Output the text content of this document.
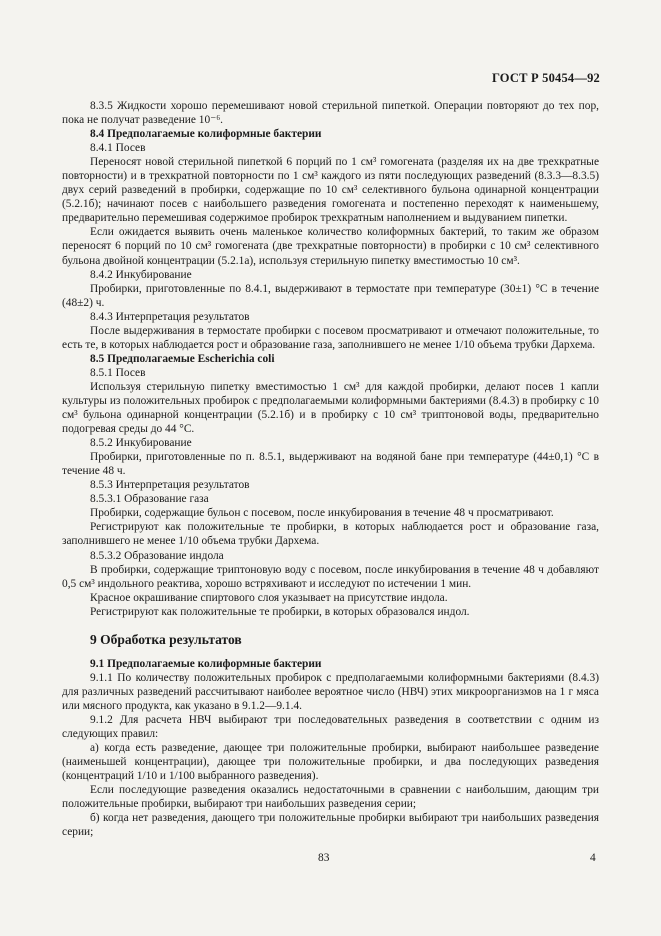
ГОСТ Р 50454—92

8.3.5 Жидкости хорошо перемешивают новой стерильной пипеткой. Операции повторяют до тех пор, пока не получат разведение 10⁻⁶.

8.4 Предполагаемые колиформные бактерии

8.4.1 Посев

Переносят новой стерильной пипеткой 6 порций по 1 см³ гомогената (разделяя их на две трехкратные повторности) и в трехкратной повторности по 1 см³ каждого из пяти последующих разведений (8.3.3—8.3.5) двух серий разведений в пробирки, содержащие по 10 см³ селективного бульона одинарной концентрации (5.2.1б); начинают посев с наибольшего разведения гомогената и постепенно переходят к наименьшему, предварительно перемешивая содержимое пробирок трехкратным наполнением и выдуванием пипетки.

Если ожидается выявить очень маленькое количество колиформных бактерий, то таким же образом переносят 6 порций по 10 см³ гомогената (две трехкратные повторности) в пробирки с 10 см³ селективного бульона двойной концентрации (5.2.1а), используя стерильную пипетку вместимостью 10 см³.

8.4.2 Инкубирование

Пробирки, приготовленные по 8.4.1, выдерживают в термостате при температуре (30±1) °С в течение (48±2) ч.

8.4.3 Интерпретация результатов

После выдерживания в термостате пробирки с посевом просматривают и отмечают положительные, то есть те, в которых наблюдается рост и образование газа, заполнившего не менее 1/10 объема трубки Дархема.

8.5 Предполагаемые Escherichia coli

8.5.1 Посев

Используя стерильную пипетку вместимостью 1 см³ для каждой пробирки, делают посев 1 капли культуры из положительных пробирок с предполагаемыми колиформными бактериями (8.4.3) в пробирку с 10 см³ бульона одинарной концентрации (5.2.1б) и в пробирку с 10 см³ триптоновой воды, предварительно подогревая среды до 44 °С.

8.5.2 Инкубирование

Пробирки, приготовленные по п. 8.5.1, выдерживают на водяной бане при температуре (44±0,1) °С в течение 48 ч.

8.5.3 Интерпретация результатов

8.5.3.1 Образование газа

Пробирки, содержащие бульон с посевом, после инкубирования в течение 48 ч просматривают.

Регистрируют как положительные те пробирки, в которых наблюдается рост и образование газа, заполнившего не менее 1/10 объема трубки Дархема.

8.5.3.2 Образование индола

В пробирки, содержащие триптоновую воду с посевом, после инкубирования в течение 48 ч добавляют 0,5 см³ индольного реактива, хорошо встряхивают и исследуют по истечении 1 мин.

Красное окрашивание спиртового слоя указывает на присутствие индола.

Регистрируют как положительные те пробирки, в которых образовался индол.

9 Обработка результатов

9.1 Предполагаемые колиформные бактерии

9.1.1 По количеству положительных пробирок с предполагаемыми колиформными бактериями (8.4.3) для различных разведений рассчитывают наиболее вероятное число (НВЧ) этих микроорганизмов на 1 г мяса или мясного продукта, как указано в 9.1.2—9.1.4.

9.1.2 Для расчета НВЧ выбирают три последовательных разведения в соответствии с одним из следующих правил:

а) когда есть разведение, дающее три положительные пробирки, выбирают наибольшее разведение (наименьшей концентрации), дающее три положительные пробирки, и два последующих разведения (концентраций 1/10 и 1/100 выбранного разведения).

Если последующие разведения оказались недостаточными в сравнении с наибольшим, дающим три положительные пробирки, выбирают три наибольших разведения серии;

б) когда нет разведения, дающего три положительные пробирки выбирают три наибольших разведения серии;

83	4
